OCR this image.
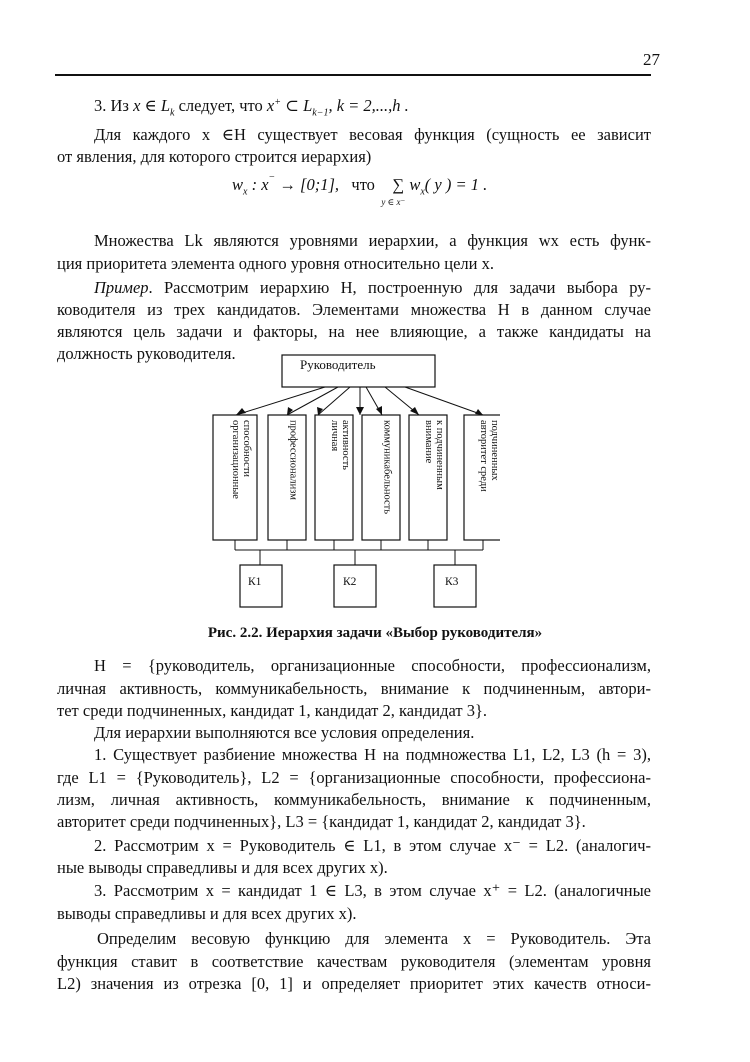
27
3. Из x ∈ $L_k$ следует, что x+ ⊂ $L_{k-1}$, k = 2,...,h .
Для каждого x ∈H существует весовая функция (сущность ее зависит
от явления, для которого строится иерархия)
$w_x$ : x− → [0;1], что ∑
y ∈ x⁻
$w_x$( y ) = 1 .
Множества Lk являются уровнями иерархии, а функция wx есть функ-
ция приоритета элемента одного уровня относительно цели x.
Пример. Рассмотрим иерархию H, построенную для задачи выбора ру-
ководителя из трех кандидатов. Элементами множества H в данном случае
являются цель задачи и факторы, на нее влияющие, а также кандидаты на
должность руководителя.
Руководитель
организационные способности	профессионализм	личная активность	коммуникабельность	внимание к подчиненным	авторитет среди подчиненных
К1	К2	К3
Рис. 2.2. Иерархия задачи «Выбор руководителя»
H = {руководитель, организационные способности, профессионализм,
личная активность, коммуникабельность, внимание к подчиненным, автори-
тет среди подчиненных, кандидат 1, кандидат 2, кандидат 3}.
Для иерархии выполняются все условия определения.
1. Существует разбиение множества H на подмножества L1, L2, L3 (h = 3),
где L1 = {Руководитель}, L2 = {организационные способности, профессиона-
лизм, личная активность, коммуникабельность, внимание к подчиненным,
авторитет среди подчиненных}, L3 = {кандидат 1, кандидат 2, кандидат 3}.
2. Рассмотрим x = Руководитель ∈ L1, в этом случае x⁻ = L2. (аналогич-
ные выводы справедливы и для всех других x).
3. Рассмотрим x = кандидат 1 ∈ L3, в этом случае x⁺ = L2. (аналогичные
выводы справедливы и для всех других x).
Определим весовую функцию для элемента x = Руководитель. Эта
функция ставит в соответствие качествам руководителя (элементам уровня
L2) значения из отрезка [0, 1] и определяет приоритет этих качеств относи-
